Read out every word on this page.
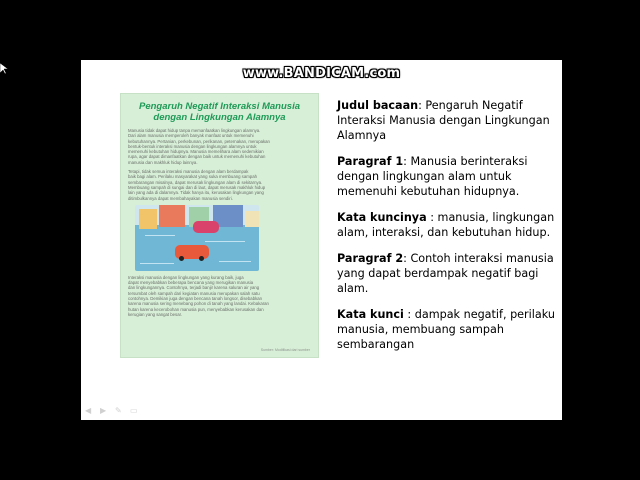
www.BANDICAM.com
Pengaruh Negatif Interaksi Manusia dengan Lingkungan Alamnya
Manusia tidak dapat hidup tanpa memanfaatkan lingkungan alamnya.
Dari alam manusia memperoleh banyak manfaat untuk memenuhi
kebutuhannya. Pertanian, perkebunan, perikanan, peternakan, merupakan
bentuk-bentuk interaksi manusia dengan lingkungan alamnya untuk
memenuhi kebutuhan hidupnya. Manusia memelihara alam sedemikian
rupa, agar dapat dimanfaatkan dengan baik untuk memenuhi kebutuhan
manusia dan makhluk hidup lainnya.
Tetapi, tidak semua interaksi manusia dengan alam berdampak
baik bagi alam. Perilaku masyarakat yang suka membuang sampah
sembarangan misalnya, dapat merusak lingkungan alam di sekitarnya.
Membuang sampah di sungai dan di laut, dapat merusak makhluk hidup
lain yang ada di dalamnya. Tidak hanya itu, kerusakan lingkungan yang
ditimbulkannya dapat membahayakan manusia sendiri.
Interaksi manusia dengan lingkungan yang kurang baik, juga
dapat menyebabkan beberapa bencana yang merugikan manusia
dan lingkungannya. Contohnya, terjadi banjir karena saluran air yang
tersumbat oleh sampah dari kegiatan manusia merupakan salah satu
contohnya. Demikian juga dengan bencana tanah longsor, disebabkan
karena manusia sering menebang pohon di tanah yang landai. Kebakaran
hutan karena kecerobohan manusia pun, menyebabkan kerusakan dan
kerugian yang sangat besar.
Sumber: Modifikasi dari sumber
Judul bacaan: Pengaruh Negatif Interaksi Manusia dengan Lingkungan Alamnya
Paragraf 1: Manusia berinteraksi dengan lingkungan alam untuk memenuhi kebutuhan hidupnya.
Kata kuncinya : manusia, lingkungan alam, interaksi, dan kebutuhan hidup.
Paragraf 2: Contoh interaksi manusia yang dapat berdampak negatif bagi alam.
Kata kunci : dampak negatif, perilaku manusia, membuang sampah sembarangan
◀	▶	✎	▭
